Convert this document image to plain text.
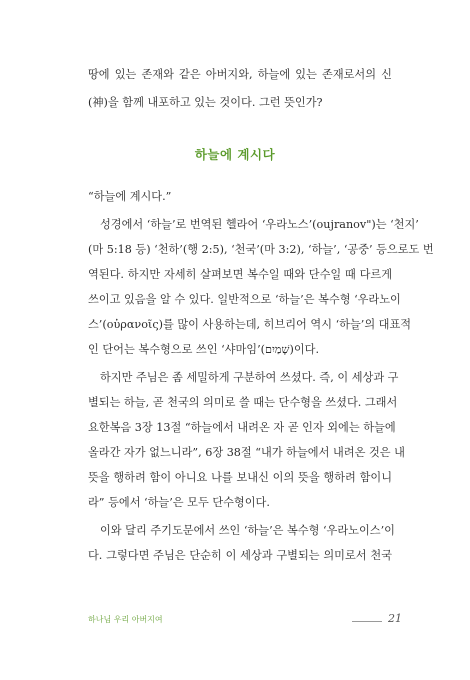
땅에 있는 존재와 같은 아버지와, 하늘에 있는 존재로서의 신
(神)을 함께 내포하고 있는 것이다. 그런 뜻인가?
하늘에 계시다
“하늘에 계시다.”
성경에서 ‘하늘’로 번역된 헬라어 ‘우라노스’(oujranov")는 ‘천지’
(마 5:18 등) ‘천하’(행 2:5), ‘천국’(마 3:2), ‘하늘’, ‘공중’ 등으로도 번
역된다. 하지만 자세히 살펴보면 복수일 때와 단수일 때 다르게
쓰이고 있음을 알 수 있다. 일반적으로 ‘하늘’은 복수형 ‘우라노이
스’(οὐρανοῖς)를 많이 사용하는데, 히브리어 역시 ‘하늘’의 대표적
인 단어는 복수형으로 쓰인 ‘샤마임’(שָׁמַיִם)이다.
하지만 주님은 좀 세밀하게 구분하여 쓰셨다. 즉, 이 세상과 구
별되는 하늘, 곧 천국의 의미로 쓸 때는 단수형을 쓰셨다. 그래서
요한복음 3장 13절 “하늘에서 내려온 자 곧 인자 외에는 하늘에
올라간 자가 없느니라”, 6장 38절 “내가 하늘에서 내려온 것은 내
뜻을 행하려 함이 아니요 나를 보내신 이의 뜻을 행하려 함이니
라” 등에서 ‘하늘’은 모두 단수형이다.
이와 달리 주기도문에서 쓰인 ‘하늘’은 복수형 ‘우라노이스’이
다. 그렇다면 주님은 단순히 이 세상과 구별되는 의미로서 천국
하나님 우리 아버지여	21
